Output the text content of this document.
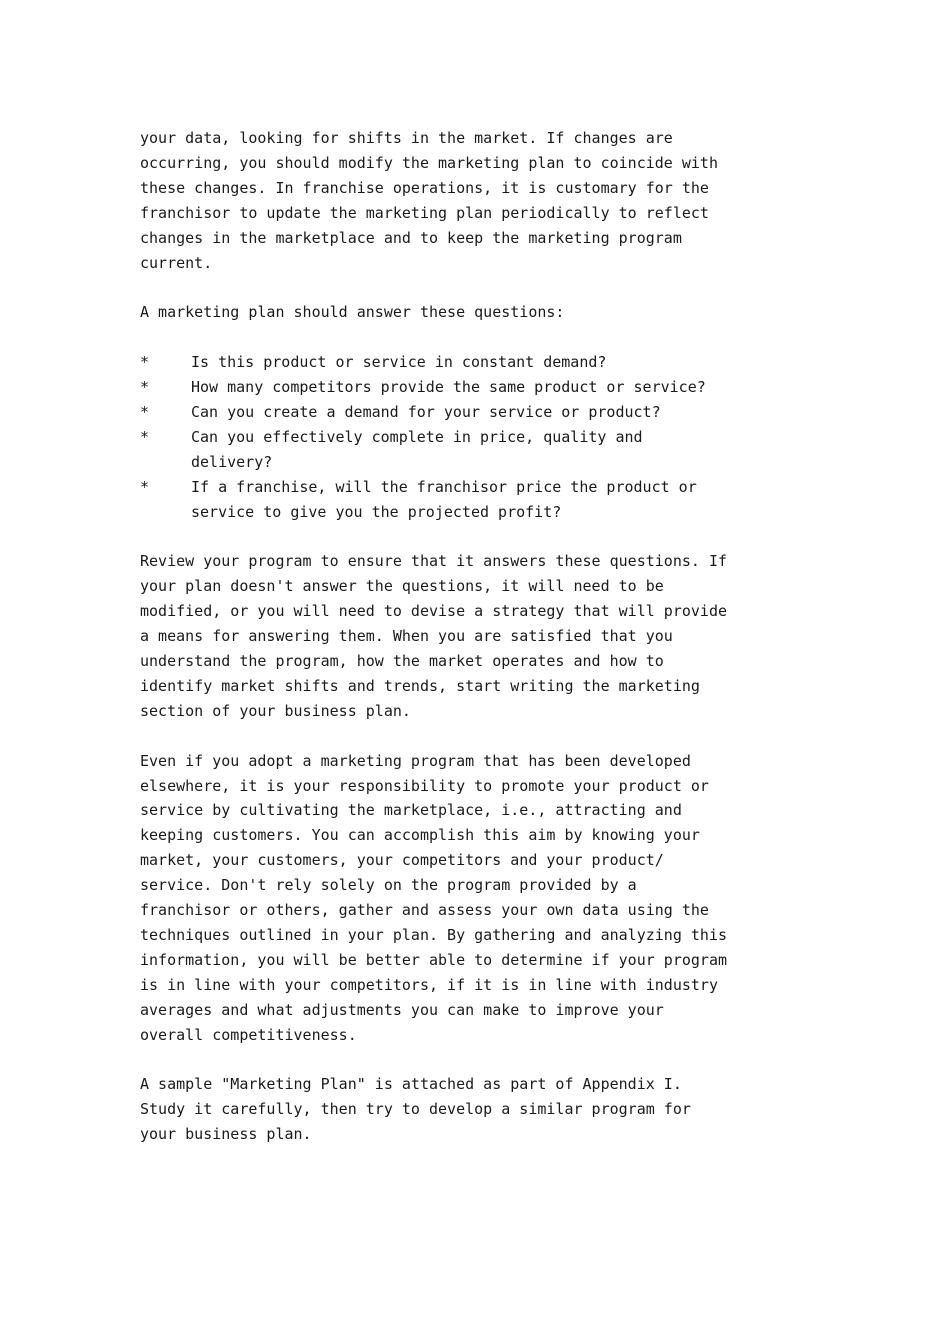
your data, looking for shifts in the market. If changes are
occurring, you should modify the marketing plan to coincide with
these changes. In franchise operations, it is customary for the
franchisor to update the marketing plan periodically to reflect
changes in the marketplace and to keep the marketing program
current.

A marketing plan should answer these questions:

*	Is this product or service in constant demand?
*	How many competitors provide the same product or service?
*	Can you create a demand for your service or product?
*	Can you effectively complete in price, quality and
delivery?
*	If a franchise, will the franchisor price the product or
service to give you the projected profit?

Review your program to ensure that it answers these questions. If
your plan doesn't answer the questions, it will need to be
modified, or you will need to devise a strategy that will provide
a means for answering them. When you are satisfied that you
understand the program, how the market operates and how to
identify market shifts and trends, start writing the marketing
section of your business plan.

Even if you adopt a marketing program that has been developed
elsewhere, it is your responsibility to promote your product or
service by cultivating the marketplace, i.e., attracting and
keeping customers. You can accomplish this aim by knowing your
market, your customers, your competitors and your product/
service. Don't rely solely on the program provided by a
franchisor or others, gather and assess your own data using the
techniques outlined in your plan. By gathering and analyzing this
information, you will be better able to determine if your program
is in line with your competitors, if it is in line with industry
averages and what adjustments you can make to improve your
overall competitiveness.

A sample "Marketing Plan" is attached as part of Appendix I.
Study it carefully, then try to develop a similar program for
your business plan.
